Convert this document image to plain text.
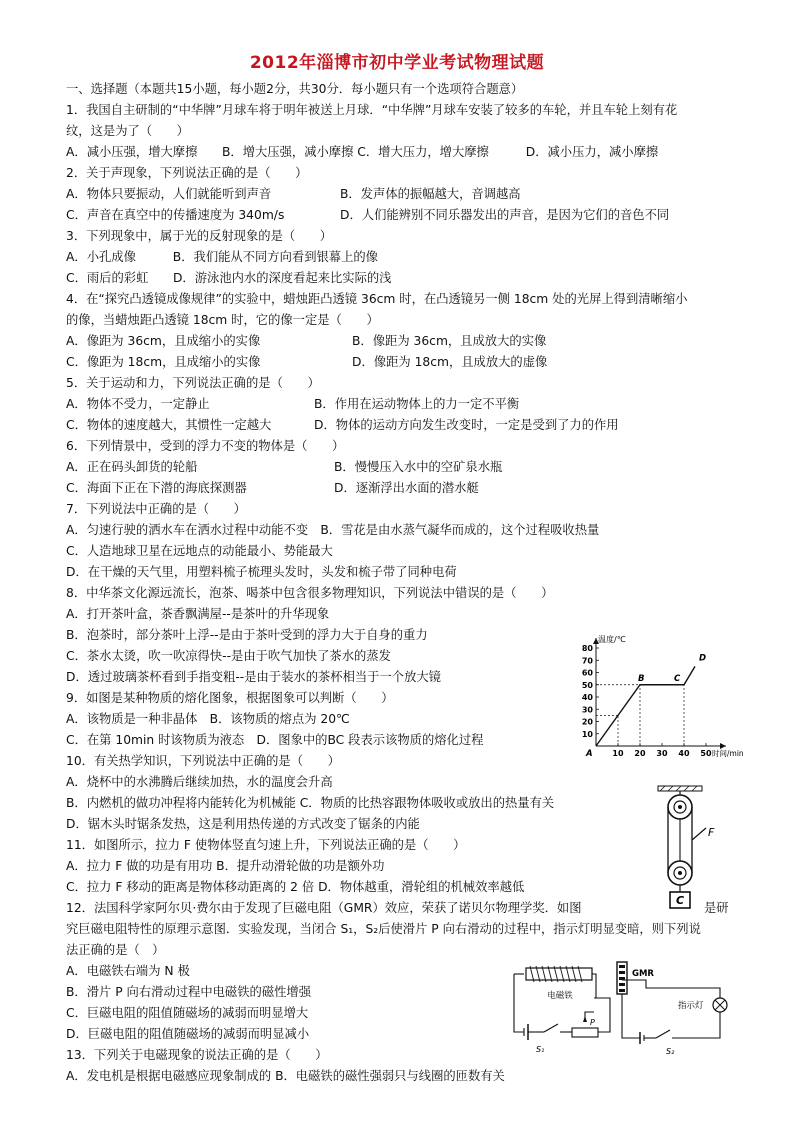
2012年淄博市初中学业考试物理试题
一、选择题（本题共15小题，每小题2分，共30分．每小题只有一个选项符合题意）
1．我国自主研制的“中华牌”月球车将于明年被送上月球．“中华牌”月球车安装了较多的车轮，并且车轮上刻有花
纹，这是为了（　　）
A．减小压强，增大摩擦　　B．增大压强，减小摩擦 C．增大压力，增大摩擦　　　D．减小压力，减小摩擦
2．关于声现象，下列说法正确的是（　　）
A．物体只要振动，人们就能听到声音	B．发声体的振幅越大，音调越高
C．声音在真空中的传播速度为 340m/s	D．人们能辨别不同乐器发出的声音，是因为它们的音色不同
3．下列现象中，属于光的反射现象的是（　　）
A．小孔成像　　　B．我们能从不同方向看到银幕上的像
C．雨后的彩虹　　D．游泳池内水的深度看起来比实际的浅
4．在“探究凸透镜成像规律”的实验中，蜡烛距凸透镜 36cm 时，在凸透镜另一侧 18cm 处的光屏上得到清晰缩小
的像，当蜡烛距凸透镜 18cm 时，它的像一定是（　　）
A．像距为 36cm，且成缩小的实像	B．像距为 36cm，且成放大的实像
C．像距为 18cm，且成缩小的实像	D．像距为 18cm，且成放大的虚像
5．关于运动和力，下列说法正确的是（　　）
A．物体不受力，一定静止	B．作用在运动物体上的力一定不平衡
C．物体的速度越大，其惯性一定越大	D．物体的运动方向发生改变时，一定是受到了力的作用
6．下列情景中，受到的浮力不变的物体是（　　）
A．正在码头卸货的轮船	B．慢慢压入水中的空矿泉水瓶
C．海面下正在下潜的海底探测器	D．逐渐浮出水面的潜水艇
7．下列说法中正确的是（　　）
A．匀速行驶的洒水车在洒水过程中动能不变　B．雪花是由水蒸气凝华而成的，这个过程吸收热量
C．人造地球卫星在远地点的动能最小、势能最大
D．在干燥的天气里，用塑料梳子梳理头发时，头发和梳子带了同种电荷
8．中华茶文化源远流长，泡茶、喝茶中包含很多物理知识，下列说法中错误的是（　　）
A．打开茶叶盒，茶香飘满屋--是茶叶的升华现象
B．泡茶时，部分茶叶上浮--是由于茶叶受到的浮力大于自身的重力
C．茶水太烫，吹一吹凉得快--是由于吹气加快了茶水的蒸发
D．透过玻璃茶杯看到手指变粗--是由于装水的茶杯相当于一个放大镜
9．如图是某种物质的熔化图象，根据图象可以判断（　　）
A．该物质是一种非晶体　B．该物质的熔点为 20℃
C．在第 10min 时该物质为液态　D．图象中的BC 段表示该物质的熔化过程
10．有关热学知识，下列说法中正确的是（　　）
A．烧杯中的水沸腾后继续加热，水的温度会升高
B．内燃机的做功冲程将内能转化为机械能 C．物质的比热容跟物体吸收或放出的热量有关
D．锯木头时锯条发热，这是利用热传递的方式改变了锯条的内能
11．如图所示，拉力 F 使物体竖直匀速上升，下列说法正确的是（　　）
A．拉力 F 做的功是有用功 B．提升动滑轮做的功是额外功
C．拉力 F 移动的距离是物体移动距离的 2 倍 D．物体越重，滑轮组的机械效率越低
12．法国科学家阿尔贝·费尔由于发现了巨磁电阻（GMR）效应，荣获了诺贝尔物理学奖．如图	是研
究巨磁电阻特性的原理示意图．实验发现，当闭合 S₁，S₂后使滑片 P 向右滑动的过程中，指示灯明显变暗，则下列说
法正确的是（　）
A．电磁铁右端为 N 极
B．滑片 P 向右滑动过程中电磁铁的磁性增强
C．巨磁电阻的阻值随磁场的减弱而明显增大
D．巨磁电阻的阻值随磁场的减弱而明显减小
13．下列关于电磁现象的说法正确的是（　　）
A．发电机是根据电磁感应现象制成的 B．电磁铁的磁性强弱只与线圈的匝数有关
10
20
30
40
50
60
70
80
10 20 30 40 50
温度/℃
时间/min
A
B	C
D
C
F
电磁铁
P
S₁
GMR
指示灯
S₂
